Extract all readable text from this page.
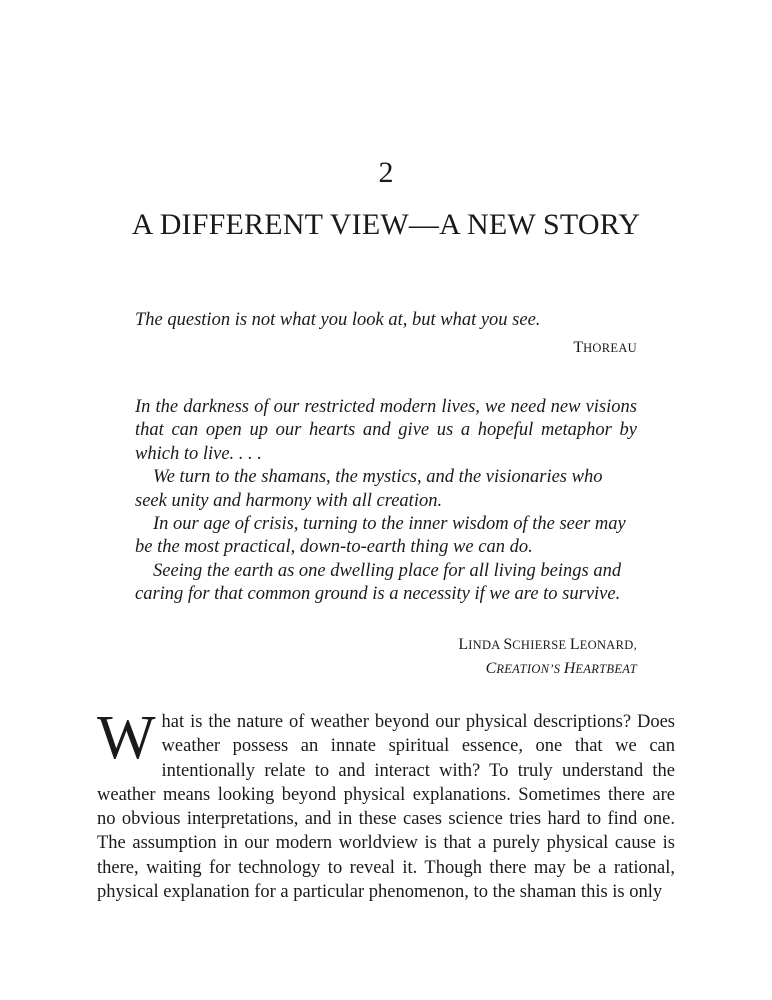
2
A DIFFERENT VIEW—A NEW STORY

The question is not what you look at, but what you see.

THOREAU

In the darkness of our restricted modern lives, we need new visions that can open up our hearts and give us a hopeful metaphor by which to live. . . .

We turn to the shamans, the mystics, and the visionaries who seek unity and harmony with all creation.

In our age of crisis, turning to the inner wisdom of the seer may be the most practical, down-to-earth thing we can do.

Seeing the earth as one dwelling place for all living beings and caring for that common ground is a necessity if we are to survive.

LINDA SCHIERSE LEONARD,
CREATION’S HEARTBEAT

What is the nature of weather beyond our physical descriptions? Does weather possess an innate spiritual essence, one that we can intentionally relate to and interact with? To truly understand the weather means looking beyond physical explanations. Sometimes there are no obvious interpretations, and in these cases science tries hard to find one. The assumption in our modern worldview is that a purely physical cause is there, waiting for technology to reveal it. Though there may be a rational, physical explanation for a particular phenomenon, to the shaman this is only
